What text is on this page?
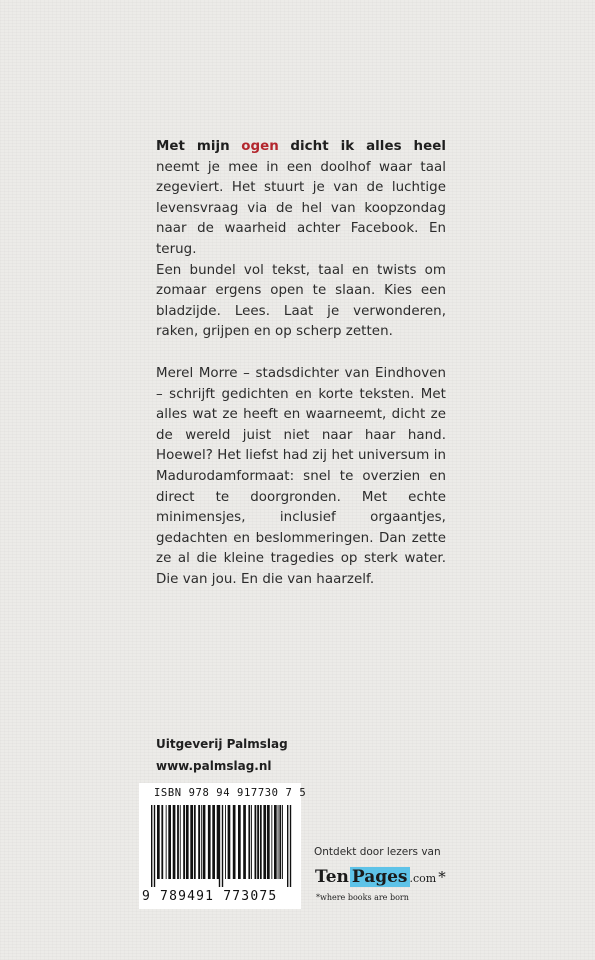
Met mijn ogen dicht ik alles heel neemt je mee in een doolhof waar taal zegeviert. Het stuurt je van de luchtige levensvraag via de hel van koopzondag naar de waarheid achter Facebook. En terug.

Een bundel vol tekst, taal en twists om zomaar ergens open te slaan. Kies een bladzijde. Lees. Laat je verwonderen, raken, grijpen en op scherp zetten.

Merel Morre – stadsdichter van Eindhoven – schrijft gedichten en korte teksten. Met alles wat ze heeft en waarneemt, dicht ze de wereld juist niet naar haar hand. Hoewel? Het liefst had zij het universum in Madurodamformaat: snel te overzien en direct te doorgronden. Met echte minimensjes, inclusief orgaantjes, gedachten en beslommeringen. Dan zette ze al die kleine tragedies op sterk water. Die van jou. En die van haarzelf.

Uitgeverij Palmslag
www.palmslag.nl
ISBN 978 94 917730 7 5
9 789491 773075
Ontdekt door lezers van
Ten Pages .com *
*where books are born
